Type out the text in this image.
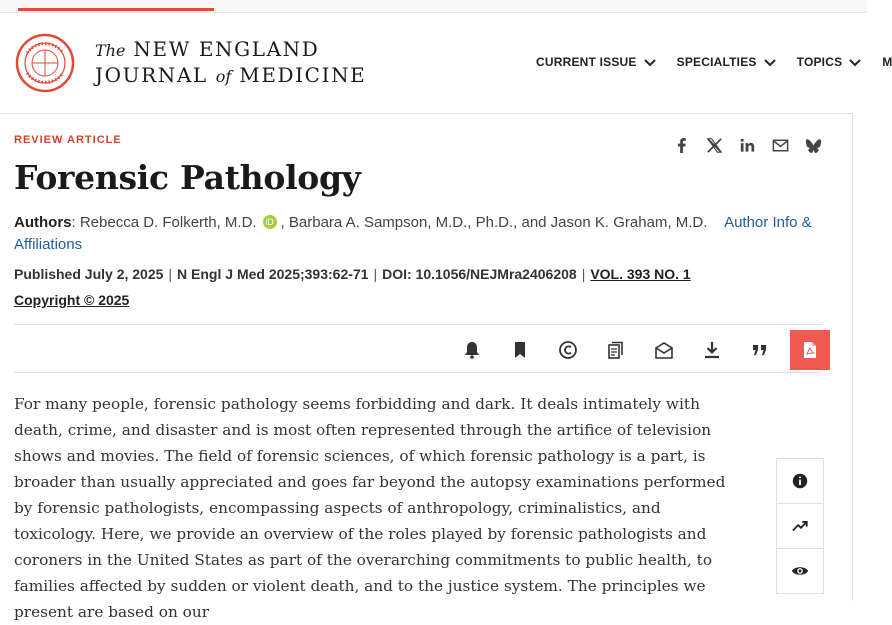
The NEW ENGLAND
JOURNAL of MEDICINE
CURRENT ISSUE	SPECIALTIES	TOPICS	M
REVIEW ARTICLE
Forensic Pathology
Authors: Rebecca D. Folkerth, M.D. iD , Barbara A. Sampson, M.D., Ph.D., and Jason K. Graham, M.D. Author Info & Affiliations
Published July 2, 2025 | N Engl J Med 2025;393:62-71 | DOI: 10.1056/NEJMra2406208 | VOL. 393 NO. 1
Copyright © 2025

For many people, forensic pathology seems forbidding and dark. It deals intimately with death, crime, and disaster and is most often represented through the artifice of television shows and movies. The field of forensic sciences, of which forensic pathology is a part, is broader than usually appreciated and goes far beyond the autopsy examinations performed by forensic pathologists, encompassing aspects of anthropology, criminalistics, and toxicology. Here, we provide an overview of the roles played by forensic pathologists and coroners in the United States as part of the overarching commitments to public health, to families affected by sudden or violent death, and to the justice system. The principles we present are based on our
